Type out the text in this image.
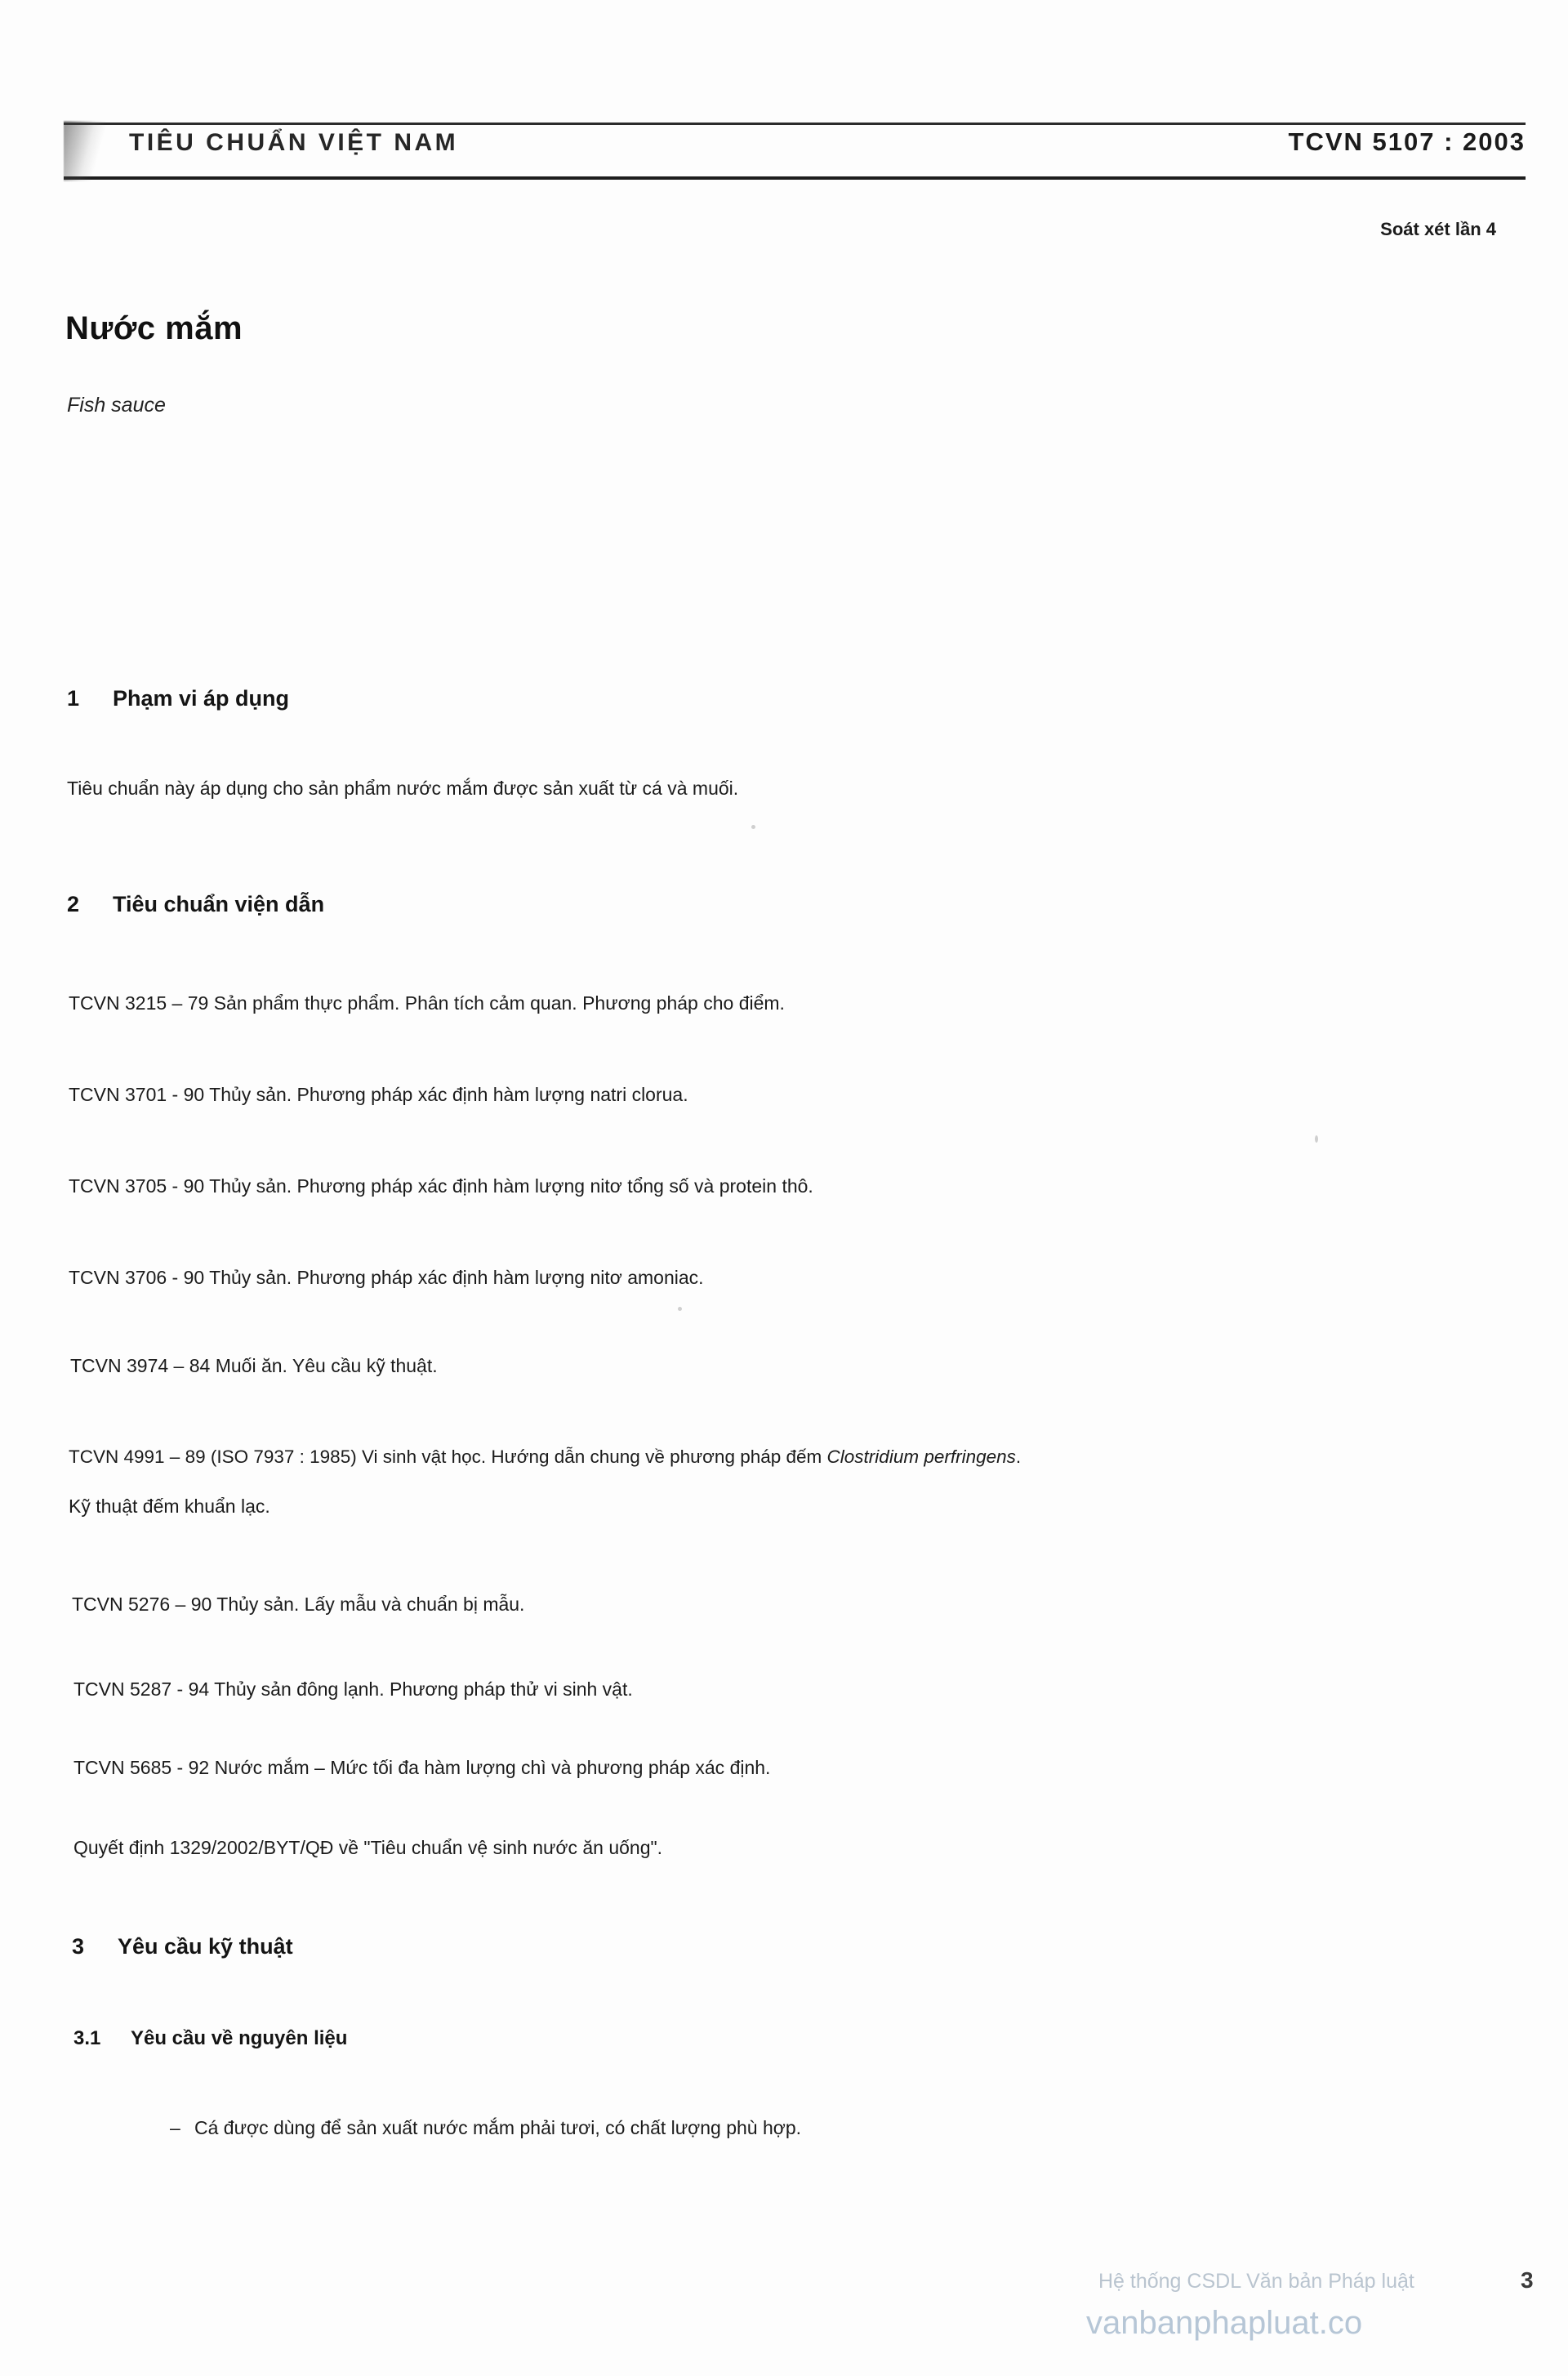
TIÊU CHUẨN VIỆT NAM	TCVN 5107 : 2003
Soát xét lần 4
Nước mắm
Fish sauce
1 Phạm vi áp dụng
Tiêu chuẩn này áp dụng cho sản phẩm nước mắm được sản xuất từ cá và muối.
2 Tiêu chuẩn viện dẫn
TCVN 3215 – 79 Sản phẩm thực phẩm. Phân tích cảm quan. Phương pháp cho điểm.
TCVN 3701 - 90 Thủy sản. Phương pháp xác định hàm lượng natri clorua.
TCVN 3705 - 90 Thủy sản. Phương pháp xác định hàm lượng nitơ tổng số và protein thô.
TCVN 3706 - 90 Thủy sản. Phương pháp xác định hàm lượng nitơ amoniac.
TCVN 3974 – 84 Muối ăn. Yêu cầu kỹ thuật.
TCVN 4991 – 89 (ISO 7937 : 1985) Vi sinh vật học. Hướng dẫn chung về phương pháp đếm Clostridium perfringens.
Kỹ thuật đếm khuẩn lạc.
TCVN 5276 – 90 Thủy sản. Lấy mẫu và chuẩn bị mẫu.
TCVN 5287 - 94 Thủy sản đông lạnh. Phương pháp thử vi sinh vật.
TCVN 5685 - 92 Nước mắm – Mức tối đa hàm lượng chì và phương pháp xác định.
Quyết định 1329/2002/BYT/QĐ về "Tiêu chuẩn vệ sinh nước ăn uống".
3 Yêu cầu kỹ thuật
3.1 Yêu cầu về nguyên liệu
– Cá được dùng để sản xuất nước mắm phải tươi, có chất lượng phù hợp.
Hệ thống CSDL Văn bản Pháp luật
vanbanphapluat.co
3
